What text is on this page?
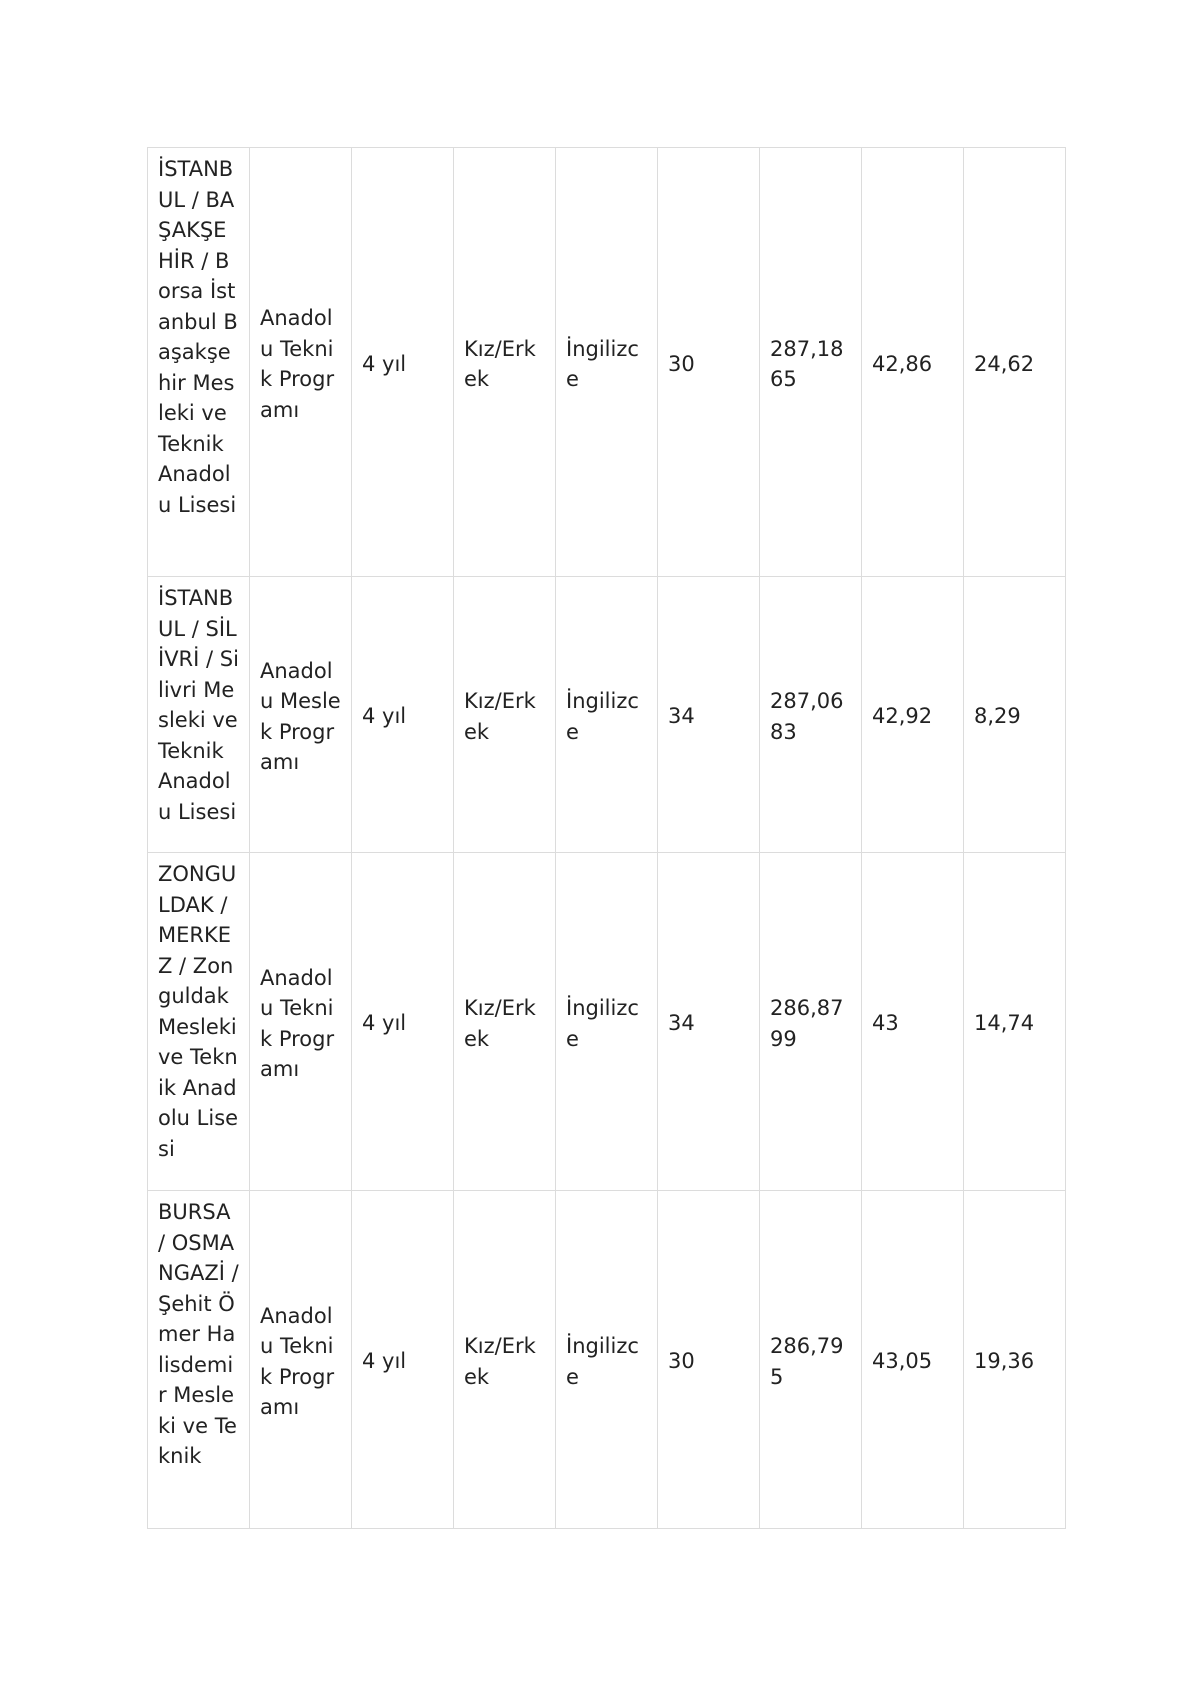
İSTANBUL / BAŞAKŞEHİR / Borsa İstanbul Başakşehir Mesleki ve Teknik Anadolu Lisesi	Anadolu Teknik Programı	4 yıl	Kız/Erkek	İngilizce	30	287,1865	42,86	24,62
İSTANBUL / SİLİVRİ / Silivri Mesleki ve Teknik Anadolu Lisesi	Anadolu Meslek Programı	4 yıl	Kız/Erkek	İngilizce	34	287,0683	42,92	8,29
ZONGULDAK / MERKEZ / Zonguldak Mesleki ve Teknik Anadolu Lisesi	Anadolu Teknik Programı	4 yıl	Kız/Erkek	İngilizce	34	286,8799	43	14,74
BURSA / OSMANGAZİ / Şehit Ömer Halisdemir Mesleki ve Teknik	Anadolu Teknik Programı	4 yıl	Kız/Erkek	İngilizce	30	286,795	43,05	19,36
